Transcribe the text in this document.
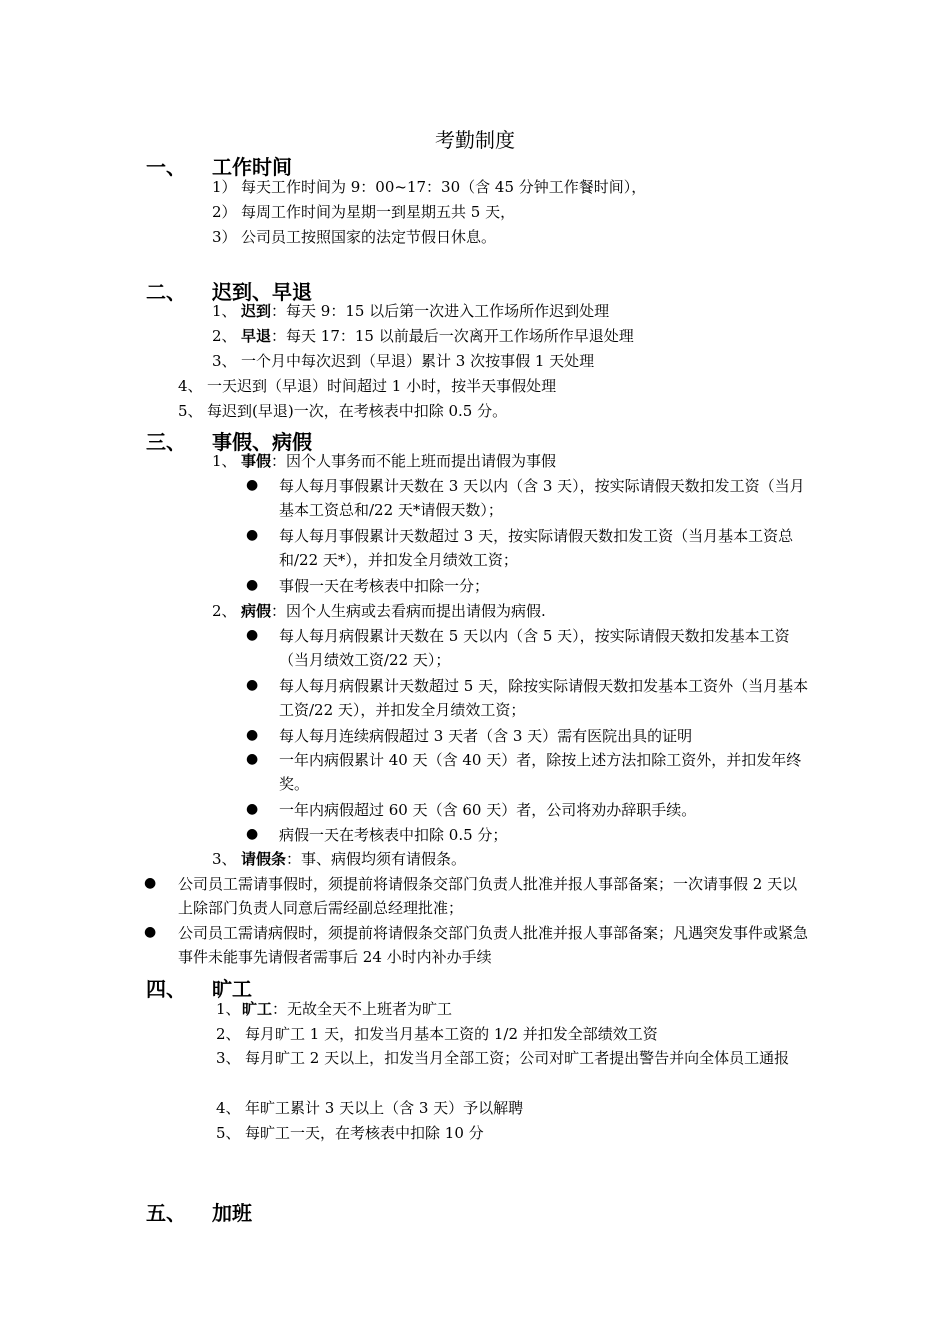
考勤制度
一、 工作时间
1） 每天工作时间为 9：00~17：30（含 45 分钟工作餐时间），
2） 每周工作时间为星期一到星期五共 5 天，
3） 公司员工按照国家的法定节假日休息。
二、 迟到、早退
1、 迟到：每天 9：15 以后第一次进入工作场所作迟到处理
2、 早退：每天 17：15 以前最后一次离开工作场所作早退处理
3、 一个月中每次迟到（早退）累计 3 次按事假 1 天处理
4、 一天迟到（早退）时间超过 1 小时，按半天事假处理
5、 每迟到(早退)一次，在考核表中扣除 0.5 分。
三、 事假、病假
1、 事假：因个人事务而不能上班而提出请假为事假
● 每人每月事假累计天数在 3 天以内（含 3 天），按实际请假天数扣发工资（当月基本工资总和/22 天*请假天数）；
● 每人每月事假累计天数超过 3 天，按实际请假天数扣发工资（当月基本工资总和/22 天*），并扣发全月绩效工资；
● 事假一天在考核表中扣除一分；
2、 病假：因个人生病或去看病而提出请假为病假.
● 每人每月病假累计天数在 5 天以内（含 5 天），按实际请假天数扣发基本工资（当月绩效工资/22 天）；
● 每人每月病假累计天数超过 5 天，除按实际请假天数扣发基本工资外（当月基本工资/22 天），并扣发全月绩效工资；
● 每人每月连续病假超过 3 天者（含 3 天）需有医院出具的证明
● 一年内病假累计 40 天（含 40 天）者，除按上述方法扣除工资外，并扣发年终奖。
● 一年内病假超过 60 天（含 60 天）者，公司将劝办辞职手续。
● 病假一天在考核表中扣除 0.5 分；
3、 请假条：事、病假均须有请假条。
● 公司员工需请事假时，须提前将请假条交部门负责人批准并报人事部备案；一次请事假 2 天以上除部门负责人同意后需经副总经理批准；
● 公司员工需请病假时，须提前将请假条交部门负责人批准并报人事部备案；凡遇突发事件或紧急事件未能事先请假者需事后 24 小时内补办手续
四、 旷工
1、旷工：无故全天不上班者为旷工
2、 每月旷工 1 天，扣发当月基本工资的 1/2 并扣发全部绩效工资
3、 每月旷工 2 天以上，扣发当月全部工资；公司对旷工者提出警告并向全体员工通报
4、 年旷工累计 3 天以上（含 3 天）予以解聘
5、 每旷工一天，在考核表中扣除 10 分
五、 加班
